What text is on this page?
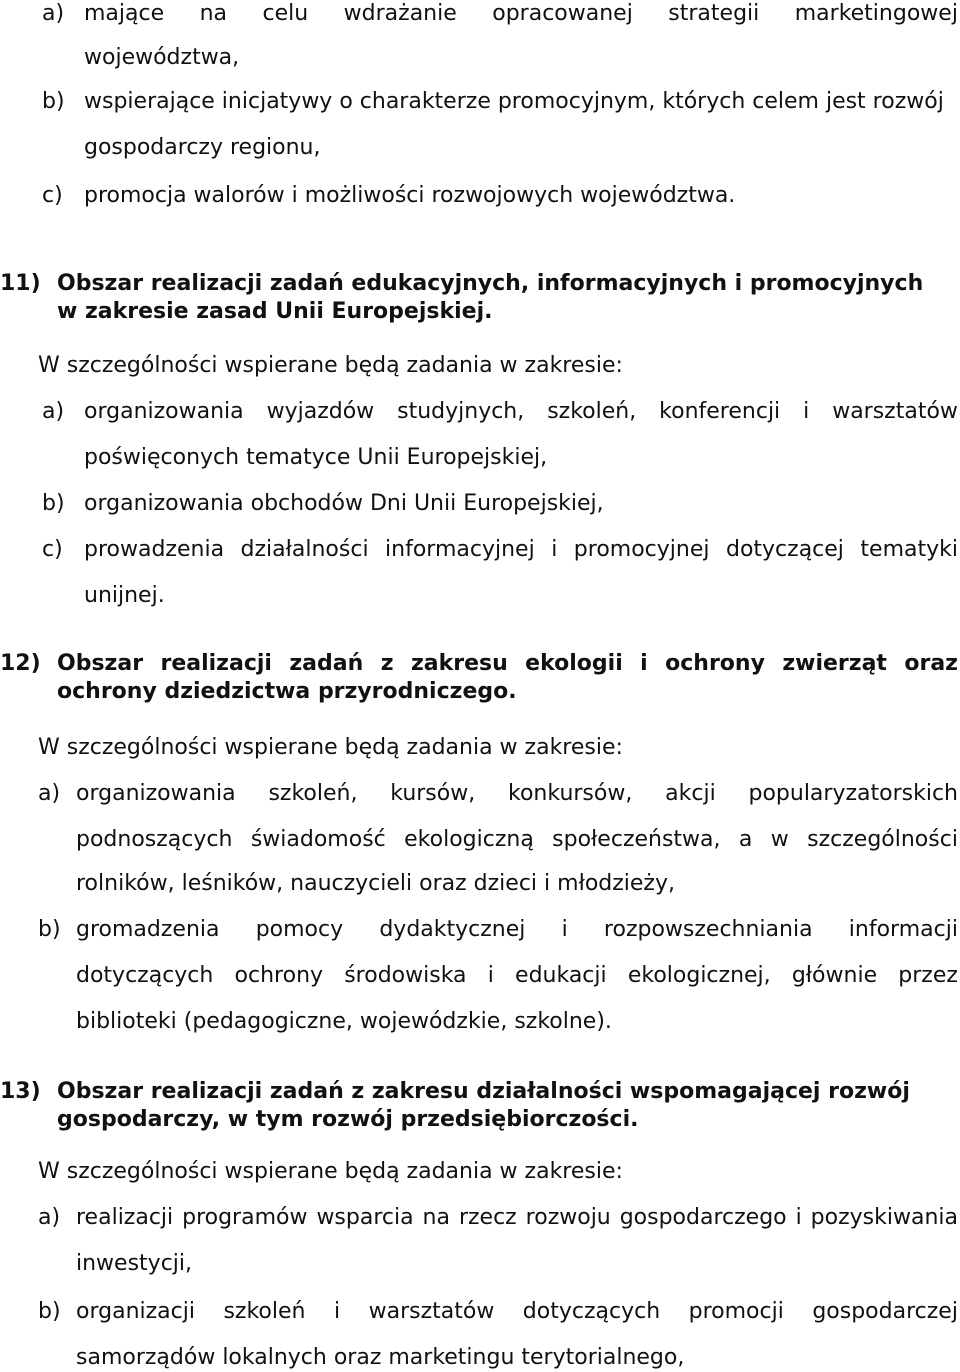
a) mające na celu wdrażanie opracowanej strategii marketingowej
województwa,
b) wspierające inicjatywy o charakterze promocyjnym, których celem jest rozwój
gospodarczy regionu,
c) promocja walorów i możliwości rozwojowych województwa.
11) Obszar realizacji zadań edukacyjnych, informacyjnych i promocyjnych
w zakresie zasad Unii Europejskiej.
W szczególności wspierane będą zadania w zakresie:
a) organizowania wyjazdów studyjnych, szkoleń, konferencji i warsztatów
poświęconych tematyce Unii Europejskiej,
b) organizowania obchodów Dni Unii Europejskiej,
c) prowadzenia działalności informacyjnej i promocyjnej dotyczącej tematyki
unijnej.
12) Obszar realizacji zadań z zakresu ekologii i ochrony zwierząt oraz
ochrony dziedzictwa przyrodniczego.
W szczególności wspierane będą zadania w zakresie:
a) organizowania szkoleń, kursów, konkursów, akcji popularyzatorskich
podnoszących świadomość ekologiczną społeczeństwa, a w szczególności
rolników, leśników, nauczycieli oraz dzieci i młodzieży,
b) gromadzenia pomocy dydaktycznej i rozpowszechniania informacji
dotyczących ochrony środowiska i edukacji ekologicznej, głównie przez
biblioteki (pedagogiczne, wojewódzkie, szkolne).
13) Obszar realizacji zadań z zakresu działalności wspomagającej rozwój
gospodarczy, w tym rozwój przedsiębiorczości.
W szczególności wspierane będą zadania w zakresie:
a) realizacji programów wsparcia na rzecz rozwoju gospodarczego i pozyskiwania
inwestycji,
b) organizacji szkoleń i warsztatów dotyczących promocji gospodarczej
samorządów lokalnych oraz marketingu terytorialnego,
